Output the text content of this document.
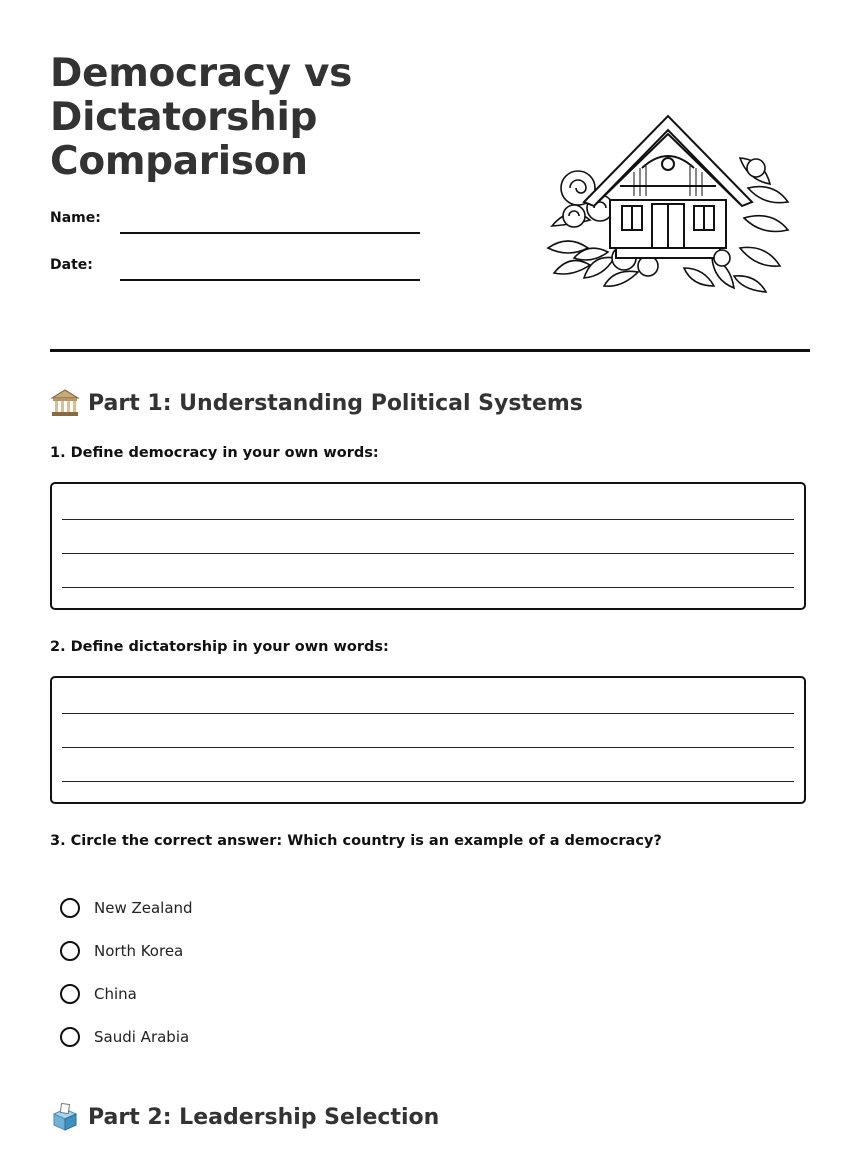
Democracy vs Dictatorship Comparison
Name:
Date:
Part 1: Understanding Political Systems

1. Define democracy in your own words:

2. Define dictatorship in your own words:

3. Circle the correct answer: Which country is an example of a democracy?

New Zealand
North Korea
China
Saudi Arabia
Part 2: Leadership Selection
